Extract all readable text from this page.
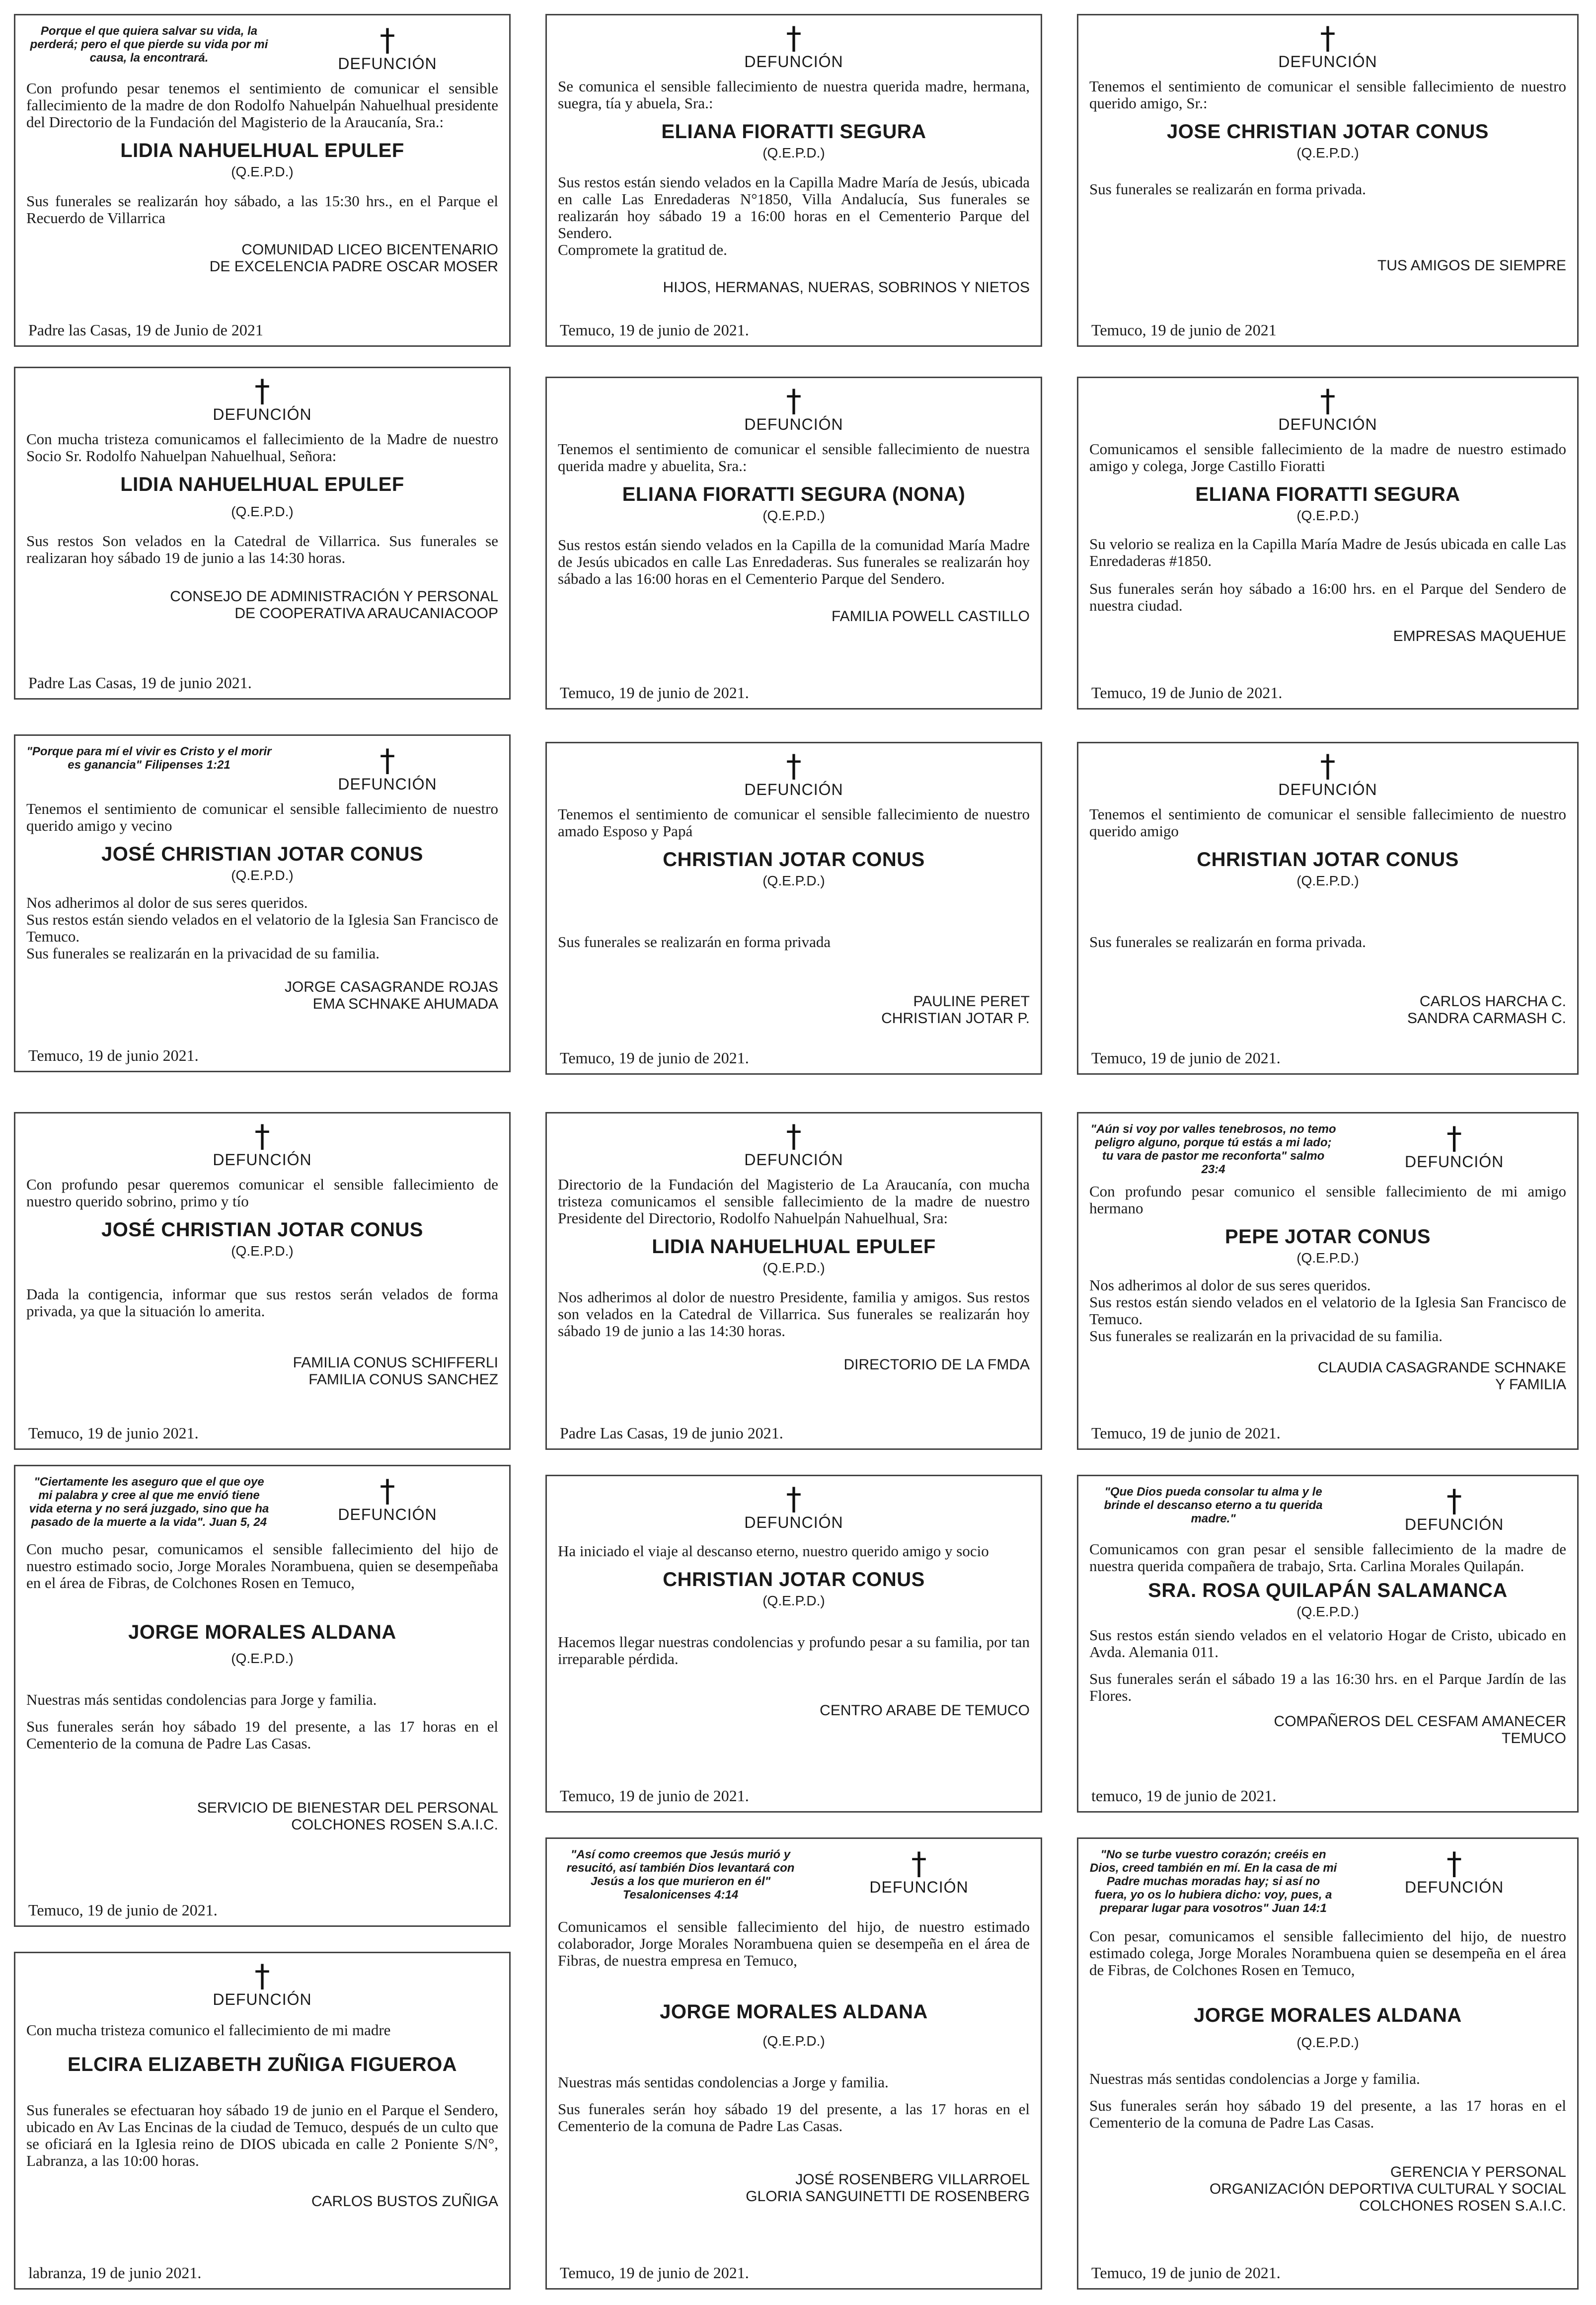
Porque el que quiera salvar su vida, la perderá; pero el que pierde su vida por mi causa, la encontrará.	†
DEFUNCIÓN

Con profundo pesar tenemos el sentimiento de comunicar el sensible fallecimiento de la madre de don Rodolfo Nahuelpán Nahuelhual presidente del Directorio de la Fundación del Magisterio de la Araucanía, Sra.:

LIDIA NAHUELHUAL EPULEF
(Q.E.P.D.)

Sus funerales se realizarán hoy sábado, a las 15:30 hrs., en el Parque el Recuerdo de Villarrica

COMUNIDAD LICEO BICENTENARIO
DE EXCELENCIA PADRE OSCAR MOSER
Padre las Casas, 19 de Junio de 2021
†
DEFUNCIÓN

Con mucha tristeza comunicamos el fallecimiento de la Madre de nuestro Socio Sr. Rodolfo Nahuelpan Nahuelhual, Señora:

LIDIA NAHUELHUAL EPULEF
(Q.E.P.D.)

Sus restos Son velados en la Catedral de Villarrica. Sus funerales se realizaran hoy sábado 19 de junio a las 14:30 horas.

CONSEJO DE ADMINISTRACIÓN Y PERSONAL
DE COOPERATIVA ARAUCANIACOOP
Padre Las Casas, 19 de junio 2021.
"Porque para mí el vivir es Cristo y el morir es ganancia" Filipenses 1:21	†
DEFUNCIÓN

Tenemos el sentimiento de comunicar el sensible fallecimiento de nuestro querido amigo y vecino

JOSÉ CHRISTIAN JOTAR CONUS
(Q.E.P.D.)

Nos adherimos al dolor de sus seres queridos.
Sus restos están siendo velados en el velatorio de la Iglesia San Francisco de Temuco.
Sus funerales se realizarán en la privacidad de su familia.

JORGE CASAGRANDE ROJAS
EMA SCHNAKE AHUMADA
Temuco, 19 de junio 2021.
†
DEFUNCIÓN

Con profundo pesar queremos comunicar el sensible fallecimiento de nuestro querido sobrino, primo y tío

JOSÉ CHRISTIAN JOTAR CONUS
(Q.E.P.D.)

Dada la contigencia, informar que sus restos serán velados de forma privada, ya que la situación lo amerita.

FAMILIA CONUS SCHIFFERLI
FAMILIA CONUS SANCHEZ
Temuco, 19 de junio 2021.
"Ciertamente les aseguro que el que oye mi palabra y cree al que me envió tiene vida eterna y no será juzgado, sino que ha pasado de la muerte a la vida". Juan 5, 24
†
DEFUNCIÓN

Con mucho pesar, comunicamos el sensible fallecimiento del hijo de nuestro estimado socio, Jorge Morales Norambuena, quien se desempeñaba en el área de Fibras, de Colchones Rosen en Temuco,

JORGE MORALES ALDANA
(Q.E.P.D.)

Nuestras más sentidas condolencias para Jorge y familia.

Sus funerales serán hoy sábado 19 del presente, a las 17 horas en el Cementerio de la comuna de Padre Las Casas.

SERVICIO DE BIENESTAR DEL PERSONAL
COLCHONES ROSEN S.A.I.C.
Temuco, 19 de junio de 2021.
†
DEFUNCIÓN

Con mucha tristeza comunico el fallecimiento de mi madre

ELCIRA ELIZABETH ZUÑIGA FIGUEROA

Sus funerales se efectuaran hoy sábado 19 de junio en el Parque el Sendero, ubicado en Av Las Encinas de la ciudad de Temuco, después de un culto que se oficiará en la Iglesia reino de DIOS ubicada en calle 2 Poniente S/N°, Labranza, a las 10:00 horas.

CARLOS BUSTOS ZUÑIGA
labranza, 19 de junio 2021.
†
DEFUNCIÓN

Se comunica el sensible fallecimiento de nuestra querida madre, hermana, suegra, tía y abuela, Sra.:

ELIANA FIORATTI SEGURA
(Q.E.P.D.)

Sus restos están siendo velados en la Capilla Madre María de Jesús, ubicada en calle Las Enredaderas N°1850, Villa Andalucía, Sus funerales se realizarán hoy sábado 19 a 16:00 horas en el Cementerio Parque del Sendero.
Compromete la gratitud de.

HIJOS, HERMANAS, NUERAS, SOBRINOS Y NIETOS
Temuco, 19 de junio de 2021.
†
DEFUNCIÓN

Tenemos el sentimiento de comunicar el sensible fallecimiento de nuestra querida madre y abuelita, Sra.:

ELIANA FIORATTI SEGURA (NONA)
(Q.E.P.D.)

Sus restos están siendo velados en la Capilla de la comunidad María Madre de Jesús ubicados en calle Las Enredaderas. Sus funerales se realizarán hoy sábado a las 16:00 horas en el Cementerio Parque del Sendero.

FAMILIA POWELL CASTILLO
Temuco, 19 de junio de 2021.
†
DEFUNCIÓN

Tenemos el sentimiento de comunicar el sensible fallecimiento de nuestro amado Esposo y Papá

CHRISTIAN JOTAR CONUS
(Q.E.P.D.)

Sus funerales se realizarán en forma privada

PAULINE PERET
CHRISTIAN JOTAR P.
Temuco, 19 de junio de 2021.
†
DEFUNCIÓN

Directorio de la Fundación del Magisterio de La Araucanía, con mucha tristeza comunicamos el sensible fallecimiento de la madre de nuestro Presidente del Directorio, Rodolfo Nahuelpán Nahuelhual, Sra:

LIDIA NAHUELHUAL EPULEF
(Q.E.P.D.)

Nos adherimos al dolor de nuestro Presidente, familia y amigos. Sus restos son velados en la Catedral de Villarrica. Sus funerales se realizarán hoy sábado 19 de junio a las 14:30 horas.

DIRECTORIO DE LA FMDA
Padre Las Casas, 19 de junio 2021.
†
DEFUNCIÓN

Ha iniciado el viaje al descanso eterno, nuestro querido amigo y socio

CHRISTIAN JOTAR CONUS
(Q.E.P.D.)

Hacemos llegar nuestras condolencias y profundo pesar a su familia, por tan irreparable pérdida.

CENTRO ARABE DE TEMUCO
Temuco, 19 de junio de 2021.
"Así como creemos que Jesús murió y resucitó, así también Dios levantará con Jesús a los que murieron en él" Tesalonicenses 4:14
†
DEFUNCIÓN

Comunicamos el sensible fallecimiento del hijo, de nuestro estimado colaborador, Jorge Morales Norambuena quien se desempeña en el área de Fibras, de nuestra empresa en Temuco,

JORGE MORALES ALDANA
(Q.E.P.D.)

Nuestras más sentidas condolencias a Jorge y familia.

Sus funerales serán hoy sábado 19 del presente, a las 17 horas en el Cementerio de la comuna de Padre Las Casas.

JOSÉ ROSENBERG VILLARROEL
GLORIA SANGUINETTI DE ROSENBERG
Temuco, 19 de junio de 2021.
†
DEFUNCIÓN

Tenemos el sentimiento de comunicar el sensible fallecimiento de nuestro querido amigo, Sr.:

JOSE CHRISTIAN JOTAR CONUS
(Q.E.P.D.)

Sus funerales se realizarán en forma privada.

TUS AMIGOS DE SIEMPRE
Temuco, 19 de junio de 2021
†
DEFUNCIÓN

Comunicamos el sensible fallecimiento de la madre de nuestro estimado amigo y colega, Jorge Castillo Fioratti

ELIANA FIORATTI SEGURA
(Q.E.P.D.)

Su velorio se realiza en la Capilla María Madre de Jesús ubicada en calle Las Enredaderas #1850.

Sus funerales serán hoy sábado a 16:00 hrs. en el Parque del Sendero de nuestra ciudad.

EMPRESAS MAQUEHUE
Temuco, 19 de Junio de 2021.
†
DEFUNCIÓN

Tenemos el sentimiento de comunicar el sensible fallecimiento de nuestro querido amigo

CHRISTIAN JOTAR CONUS
(Q.E.P.D.)

Sus funerales se realizarán en forma privada.

CARLOS HARCHA C.
SANDRA CARMASH C.
Temuco, 19 de junio de 2021.
"Aún si voy por valles tenebrosos, no temo peligro alguno, porque tú estás a mi lado; tu vara de pastor me reconforta" salmo 23:4
†
DEFUNCIÓN

Con profundo pesar comunico el sensible fallecimiento de mi amigo hermano

PEPE JOTAR CONUS
(Q.E.P.D.)

Nos adherimos al dolor de sus seres queridos.
Sus restos están siendo velados en el velatorio de la Iglesia San Francisco de Temuco.
Sus funerales se realizarán en la privacidad de su familia.

CLAUDIA CASAGRANDE SCHNAKE
Y FAMILIA
Temuco, 19 de junio de 2021.
"Que Dios pueda consolar tu alma y le brinde el descanso eterno a tu querida madre."	†
DEFUNCIÓN

Comunicamos con gran pesar el sensible fallecimiento de la madre de nuestra querida compañera de trabajo, Srta. Carlina Morales Quilapán.

SRA. ROSA QUILAPÁN SALAMANCA
(Q.E.P.D.)

Sus restos están siendo velados en el velatorio Hogar de Cristo, ubicado en Avda. Alemania 011.

Sus funerales serán el sábado 19 a las 16:30 hrs. en el Parque Jardín de las Flores.

COMPAÑEROS DEL CESFAM AMANECER
TEMUCO
temuco, 19 de junio de 2021.
"No se turbe vuestro corazón; creéis en Dios, creed también en mí. En la casa de mi Padre muchas moradas hay; si así no fuera, yo os lo hubiera dicho: voy, pues, a preparar lugar para vosotros" Juan 14:1
†
DEFUNCIÓN

Con pesar, comunicamos el sensible fallecimiento del hijo, de nuestro estimado colega, Jorge Morales Norambuena quien se desempeña en el área de Fibras, de Colchones Rosen en Temuco,

JORGE MORALES ALDANA
(Q.E.P.D.)

Nuestras más sentidas condolencias a Jorge y familia.

Sus funerales serán hoy sábado 19 del presente, a las 17 horas en el Cementerio de la comuna de Padre Las Casas.

GERENCIA Y PERSONAL
ORGANIZACIÓN DEPORTIVA CULTURAL Y SOCIAL
COLCHONES ROSEN S.A.I.C.
Temuco, 19 de junio de 2021.
